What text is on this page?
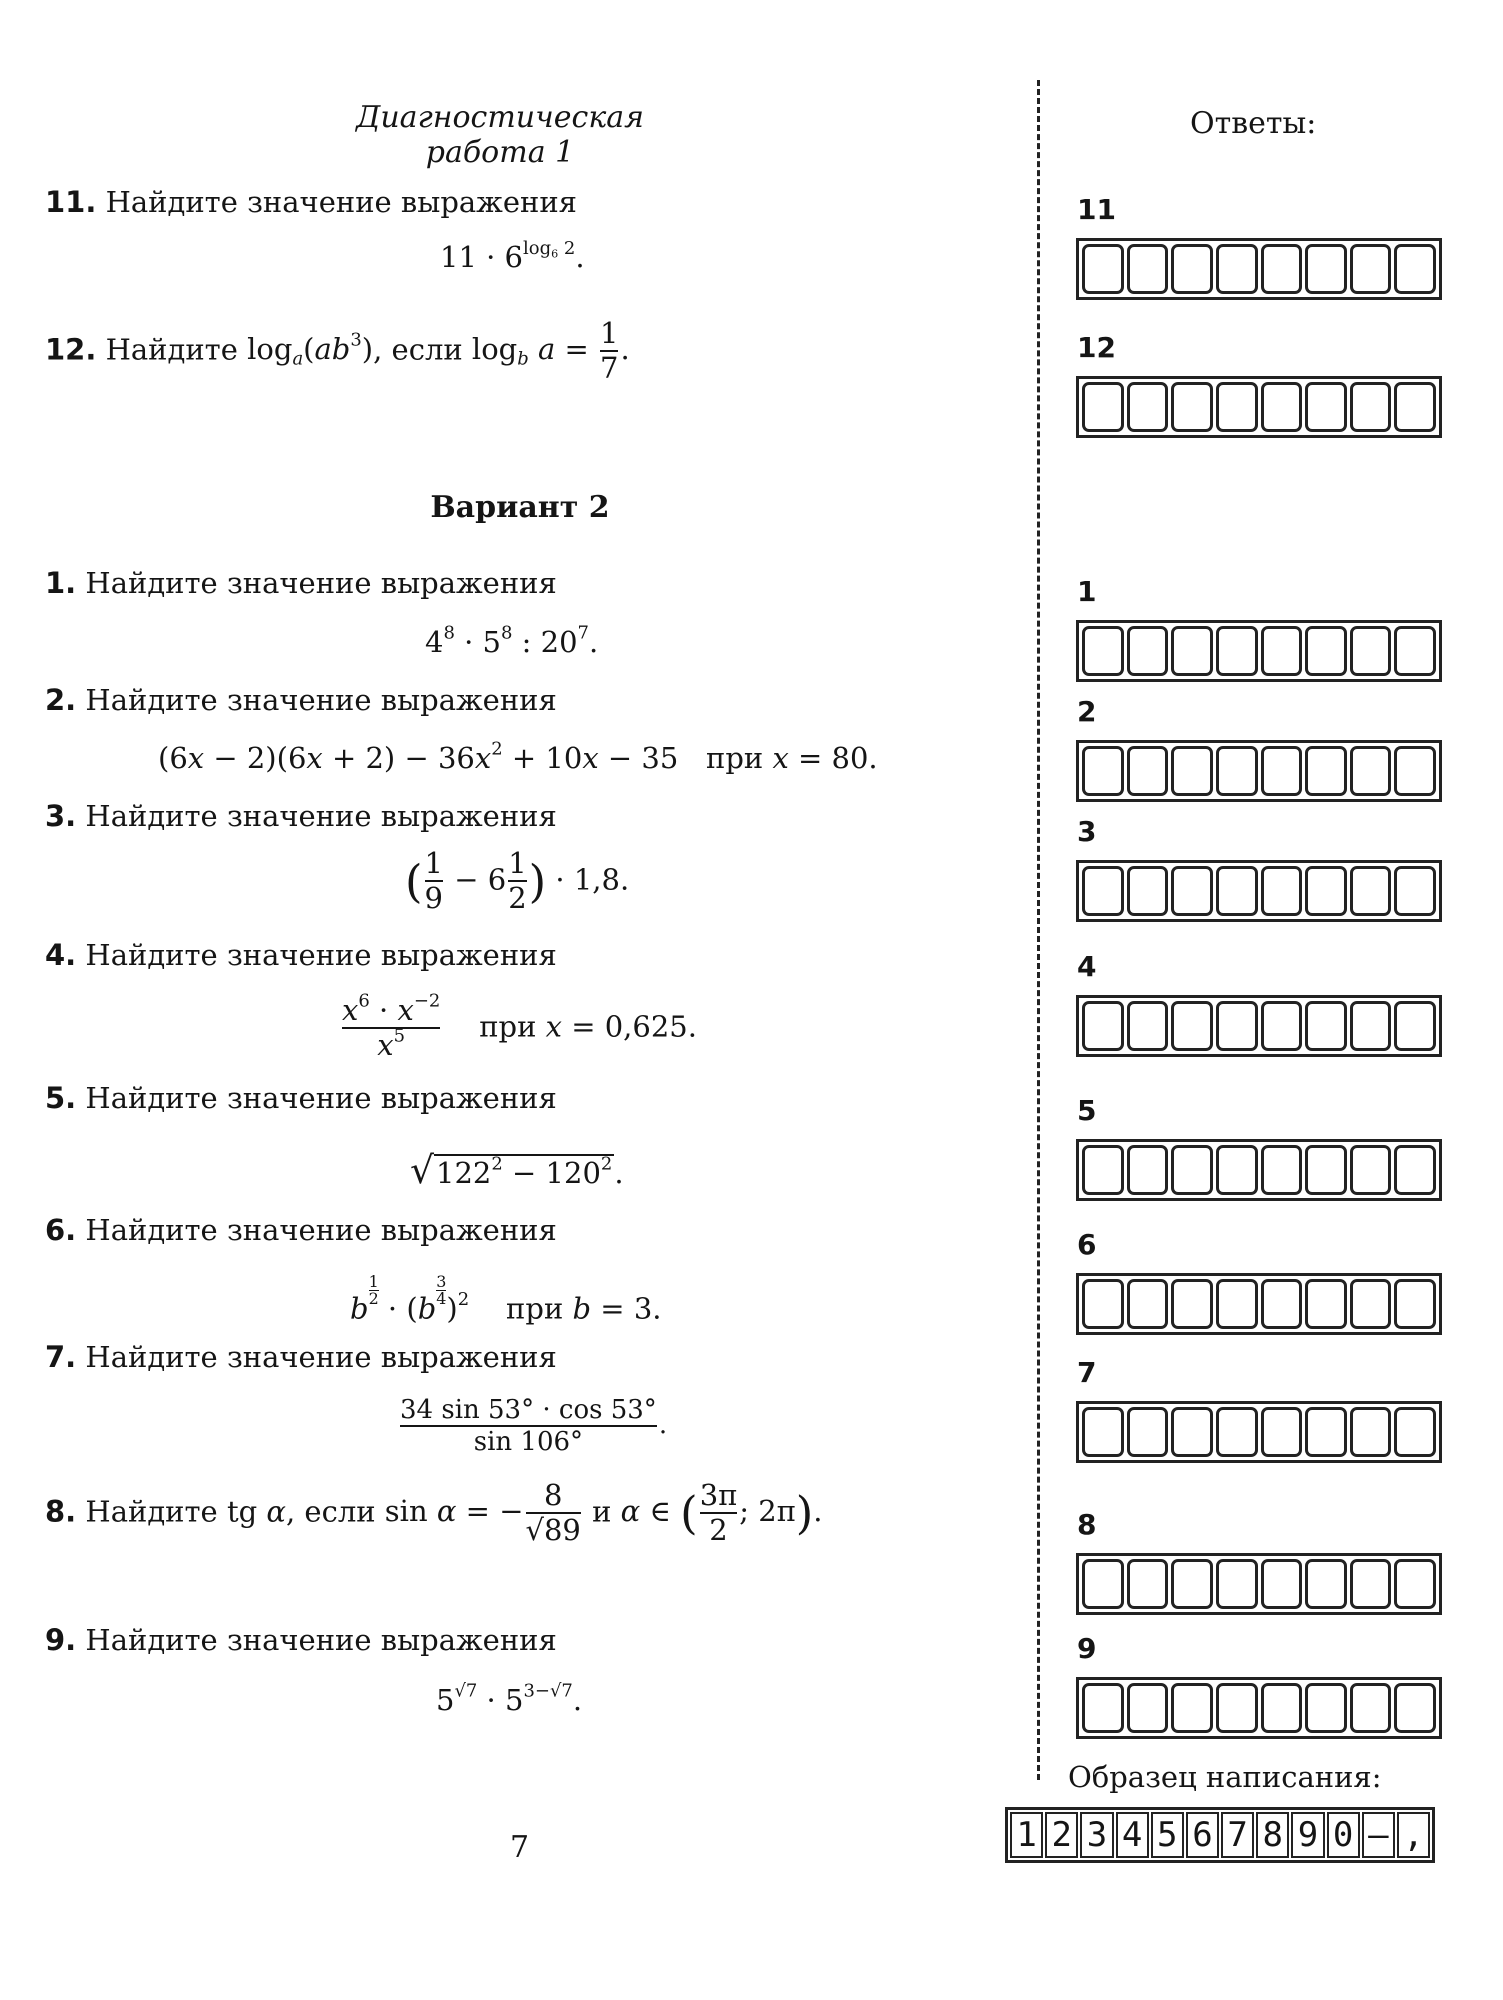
Диагностическая работа 1
Ответы:
11. Найдите значение выражения
$11 \cdot 6^{log_6 2}$.
12. Найдите $\log_a(ab^3)$, если $\log_b a = \frac{1}{7}$ .
Вариант 2
1. Найдите значение выражения
$4^8 \cdot 5^8$ : $20^7$.
2. Найдите значение выражения
$(6x - 2)(6x + 2) - 36x^2 + 10x - 35$   при x = 80.
3. Найдите значение выражения
( $\frac{1}{9} - 6 \frac{1}{2}$ ) · 1,8.
4. Найдите значение выражения
$\frac{x^6 \cdot x^{-2}}{x^5}$ при x = 0,625.
5. Найдите значение выражения
$√122^2 - 120^2$.
6. Найдите значение выражения
b
$\frac{1}{2}$
· (b
$\frac{3}{4}$
)$^2$ при b = 3.
7. Найдите значение выражения
$\frac{34 \sin 53^\circ \cdot \cos 53^\circ}{\sin 106^\circ}$ .
8. Найдите tg α, если sin α = − $\frac{8}{√89}$ и α ∈ ( $\frac{3\pi}{2}$ ; 2π).
9. Найдите значение выражения
$5^{√7} \cdot 5^{3-√7}$.
7
11
12
1
2
3
4
5
6
7
8
9
Образец написания:
1 2 3 4 5 6 7 8 9 0 – ,
